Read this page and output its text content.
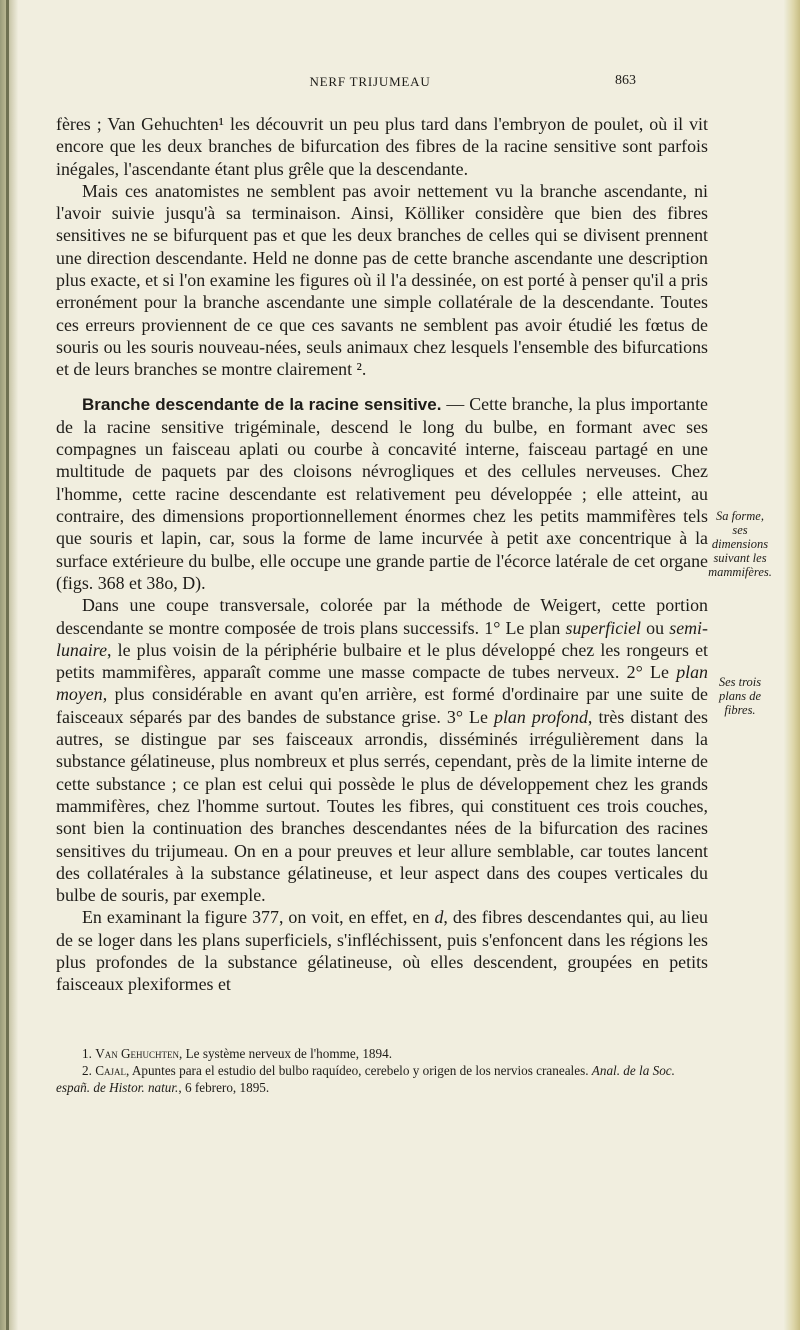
NERF TRIJUMEAU	863

fères ; Van Gehuchten¹ les découvrit un peu plus tard dans l'embryon de poulet, où il vit encore que les deux branches de bifurcation des fibres de la racine sensitive sont parfois inégales, l'ascendante étant plus grêle que la descendante.

Mais ces anatomistes ne semblent pas avoir nettement vu la branche ascendante, ni l'avoir suivie jusqu'à sa terminaison. Ainsi, Kölliker considère que bien des fibres sensitives ne se bifurquent pas et que les deux branches de celles qui se divisent prennent une direction descendante. Held ne donne pas de cette branche ascendante une description plus exacte, et si l'on examine les figures où il l'a dessinée, on est porté à penser qu'il a pris erronément pour la branche ascendante une simple collatérale de la descendante. Toutes ces erreurs proviennent de ce que ces savants ne semblent pas avoir étudié les fœtus de souris ou les souris nouveau-nées, seuls animaux chez lesquels l'ensemble des bifurcations et de leurs branches se montre clairement ².

Branche descendante de la racine sensitive. — Cette branche, la plus importante de la racine sensitive trigéminale, descend le long du bulbe, en formant avec ses compagnes un faisceau aplati ou courbe à concavité interne, faisceau partagé en une multitude de paquets par des cloisons névrogliques et des cellules nerveuses. Chez l'homme, cette racine descendante est relativement peu développée ; elle atteint, au contraire, des dimensions proportionnellement énormes chez les petits mammifères tels que souris et lapin, car, sous la forme de lame incurvée à petit axe concentrique à la surface extérieure du bulbe, elle occupe une grande partie de l'écorce latérale de cet organe (figs. 368 et 38o, D).

Dans une coupe transversale, colorée par la méthode de Weigert, cette portion descendante se montre composée de trois plans successifs. 1° Le plan superficiel ou semi-lunaire, le plus voisin de la périphérie bulbaire et le plus développé chez les rongeurs et petits mammifères, apparaît comme une masse compacte de tubes nerveux. 2° Le plan moyen, plus considérable en avant qu'en arrière, est formé d'ordinaire par une suite de faisceaux séparés par des bandes de substance grise. 3° Le plan profond, très distant des autres, se distingue par ses faisceaux arrondis, disséminés irrégulièrement dans la substance gélatineuse, plus nombreux et plus serrés, cependant, près de la limite interne de cette substance ; ce plan est celui qui possède le plus de développement chez les grands mammifères, chez l'homme surtout. Toutes les fibres, qui constituent ces trois couches, sont bien la continuation des branches descendantes nées de la bifurcation des racines sensitives du trijumeau. On en a pour preuves et leur allure semblable, car toutes lancent des collatérales à la substance gélatineuse, et leur aspect dans des coupes verticales du bulbe de souris, par exemple.

En examinant la figure 377, on voit, en effet, en d, des fibres descendantes qui, au lieu de se loger dans les plans superficiels, s'infléchissent, puis s'enfoncent dans les régions les plus profondes de la substance gélatineuse, où elles descendent, groupées en petits faisceaux plexiformes et

Sa forme, ses dimensions suivant les mammifères.
Ses trois plans de fibres.

1. Van Gehuchten, Le système nerveux de l'homme, 1894.

2. Cajal, Apuntes para el estudio del bulbo raquídeo, cerebelo y origen de los nervios craneales. Anal. de la Soc. españ. de Histor. natur., 6 febrero, 1895.
